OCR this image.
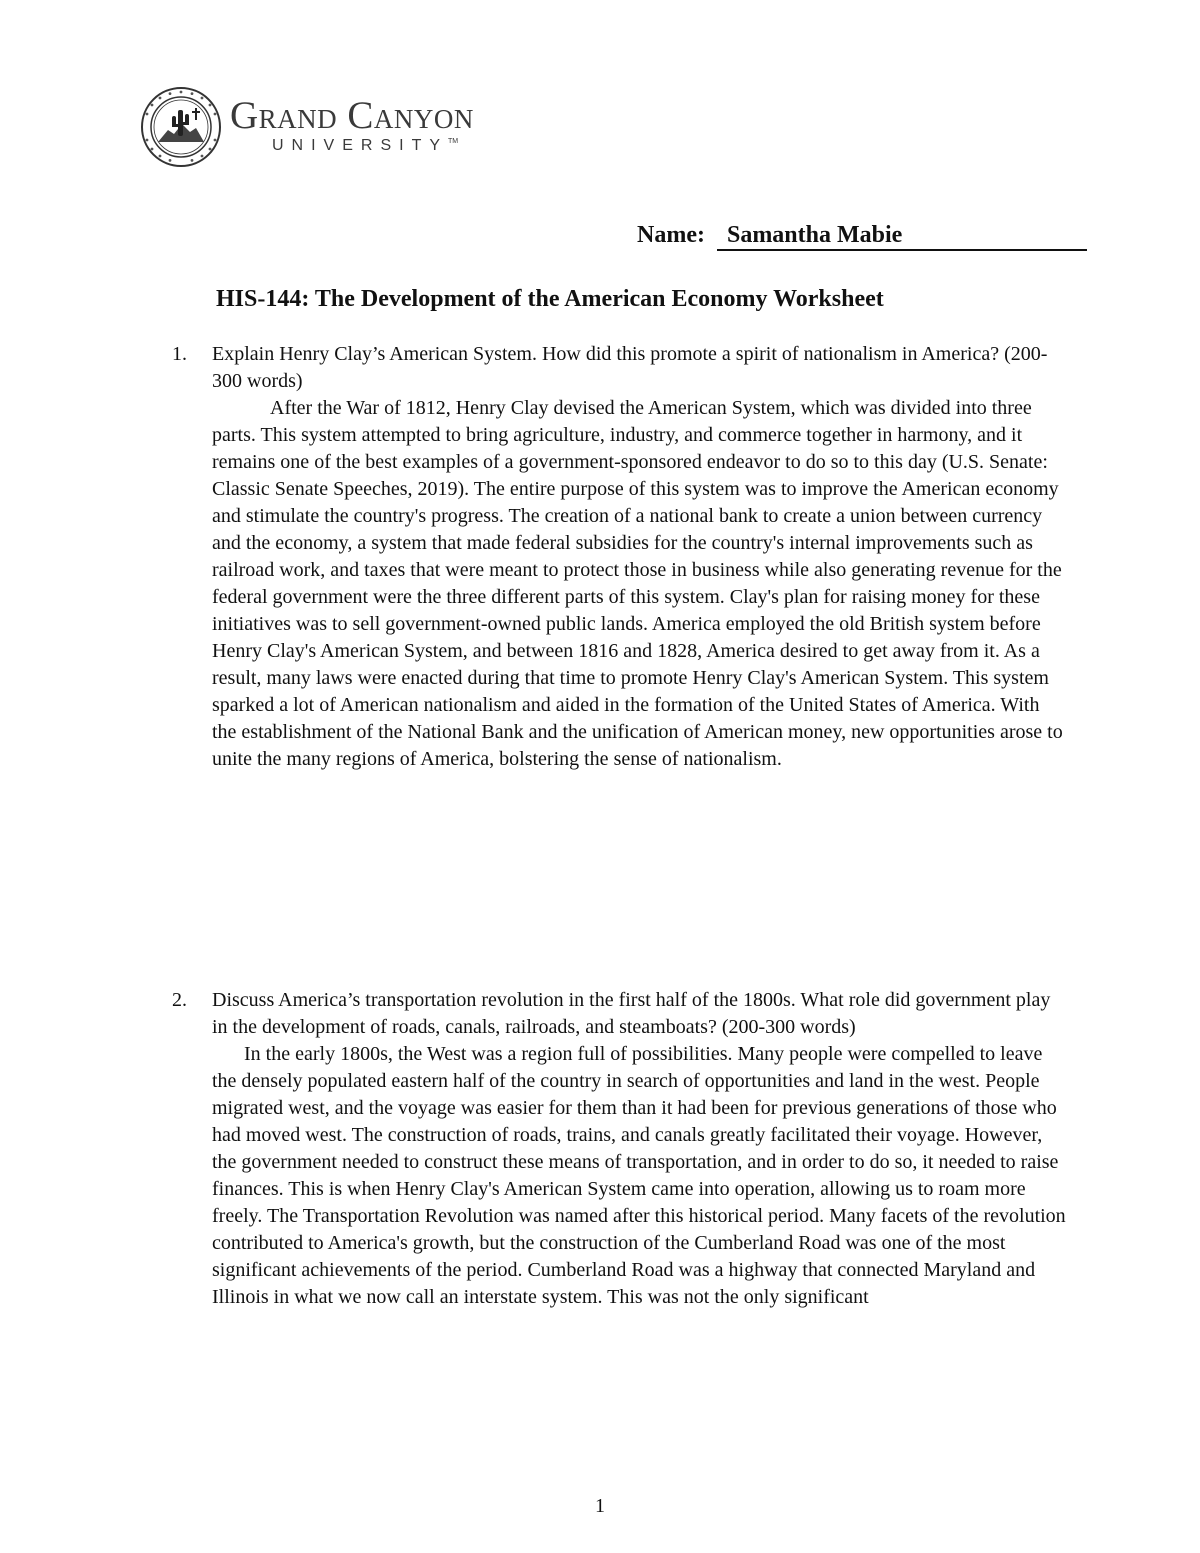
Grand Canyon
UNIVERSITY™
Name: Samantha Mabie
HIS-144: The Development of the American Economy Worksheet
1. Explain Henry Clay’s American System. How did this promote a spirit of nationalism in America? (200-300 words)

After the War of 1812, Henry Clay devised the American System, which was divided into three parts. This system attempted to bring agriculture, industry, and commerce together in harmony, and it remains one of the best examples of a government-sponsored endeavor to do so to this day (U.S. Senate: Classic Senate Speeches, 2019). The entire purpose of this system was to improve the American economy and stimulate the country's progress. The creation of a national bank to create a union between currency and the economy, a system that made federal subsidies for the country's internal improvements such as railroad work, and taxes that were meant to protect those in business while also generating revenue for the federal government were the three different parts of this system. Clay's plan for raising money for these initiatives was to sell government-owned public lands. America employed the old British system before Henry Clay's American System, and between 1816 and 1828, America desired to get away from it. As a result, many laws were enacted during that time to promote Henry Clay's American System. This system sparked a lot of American nationalism and aided in the formation of the United States of America. With the establishment of the National Bank and the unification of American money, new opportunities arose to unite the many regions of America, bolstering the sense of nationalism.

2. Discuss America’s transportation revolution in the first half of the 1800s. What role did government play in the development of roads, canals, railroads, and steamboats? (200-300 words)

In the early 1800s, the West was a region full of possibilities. Many people were compelled to leave the densely populated eastern half of the country in search of opportunities and land in the west. People migrated west, and the voyage was easier for them than it had been for previous generations of those who had moved west. The construction of roads, trains, and canals greatly facilitated their voyage. However, the government needed to construct these means of transportation, and in order to do so, it needed to raise finances. This is when Henry Clay's American System came into operation, allowing us to roam more freely. The Transportation Revolution was named after this historical period. Many facets of the revolution contributed to America's growth, but the construction of the Cumberland Road was one of the most significant achievements of the period. Cumberland Road was a highway that connected Maryland and Illinois in what we now call an interstate system. This was not the only significant

1
